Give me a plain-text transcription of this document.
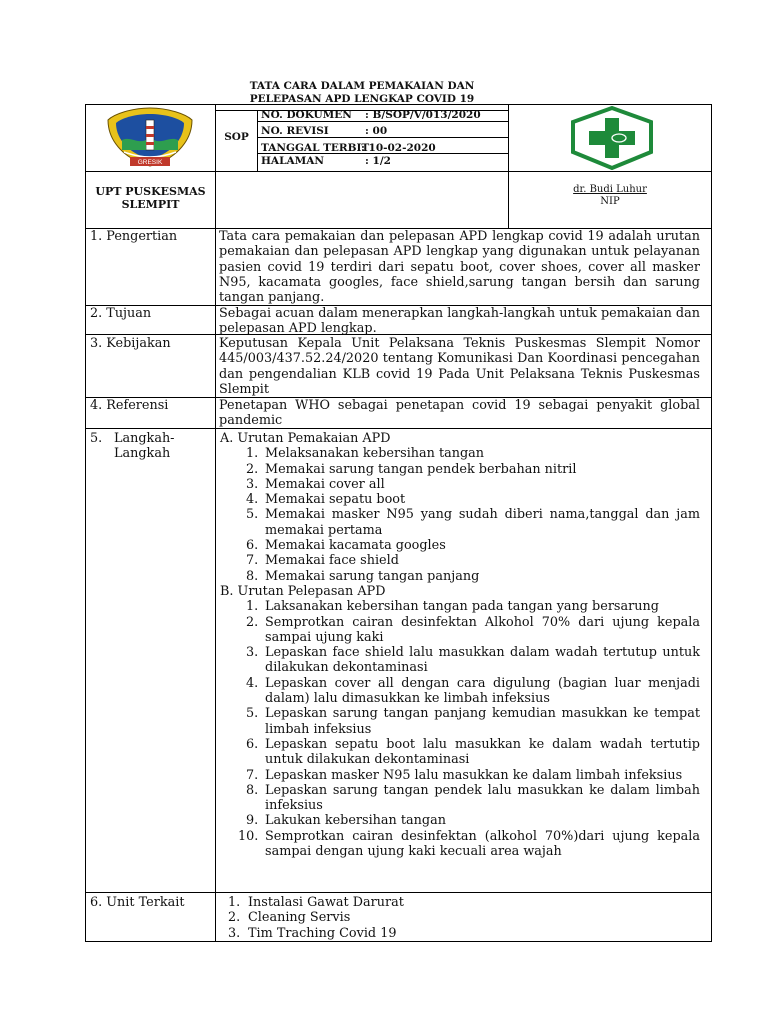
GRESIK
TATA CARA DALAM PEMAKAIAN DAN
PELEPASAN APD LENGKAP COVID 19
SOP
NO. DOKUMEN : B/SOP/V/013/2020
NO. REVISI	: 00
TANGGAL TERBIT
: 10-02-2020
HALAMAN	: 1/2
UPT PUSKESMAS
SLEMPIT
dr. Budi Luhur
NIP
1. Pengertian	Tata cara pemakaian dan pelepasan APD lengkap covid 19 adalah urutan pemakaian dan pelepasan APD lengkap yang digunakan untuk pelayanan pasien covid 19 terdiri dari sepatu boot, cover shoes, cover all masker N95, kacamata googles, face shield,sarung tangan bersih dan sarung tangan panjang.
2. Tujuan	Sebagai acuan dalam menerapkan langkah-langkah untuk pemakaian dan pelepasan APD lengkap.
3. Kebijakan	Keputusan Kepala Unit Pelaksana Teknis Puskesmas Slempit Nomor 445/003/437.52.24/2020 tentang Komunikasi Dan Koordinasi pencegahan dan pengendalian KLB covid 19 Pada Unit Pelaksana Teknis Puskesmas Slempit
4. Referensi	Penetapan WHO sebagai penetapan covid 19 sebagai penyakit global pandemic
5. Langkah-
Langkah
A. Urutan Pemakaian APD
1. Melaksanakan kebersihan tangan
2. Memakai sarung tangan pendek berbahan nitril
3. Memakai cover all
4. Memakai sepatu boot
5. Memakai masker N95 yang sudah diberi nama,tanggal dan jam memakai pertama
6. Memakai kacamata googles
7. Memakai face shield
8. Memakai sarung tangan panjang
B. Urutan Pelepasan APD
1. Laksanakan kebersihan tangan pada tangan yang bersarung
2. Semprotkan cairan desinfektan Alkohol 70% dari ujung kepala sampai ujung kaki
3. Lepaskan face shield lalu masukkan dalam wadah tertutup untuk dilakukan dekontaminasi
4. Lepaskan cover all dengan cara digulung (bagian luar menjadi dalam) lalu dimasukkan ke limbah infeksius
5. Lepaskan sarung tangan panjang kemudian masukkan ke tempat limbah infeksius
6. Lepaskan sepatu boot lalu masukkan ke dalam wadah tertutip untuk dilakukan dekontaminasi
7. Lepaskan masker N95 lalu masukkan ke dalam limbah infeksius
8. Lepaskan sarung tangan pendek lalu masukkan ke dalam limbah infeksius
9. Lakukan kebersihan tangan
10. Semprotkan cairan desinfektan (alkohol 70%)dari ujung kepala sampai dengan ujung kaki kecuali area wajah
6. Unit Terkait	1. Instalasi Gawat Darurat
2. Cleaning Servis
3. Tim Traching Covid 19
